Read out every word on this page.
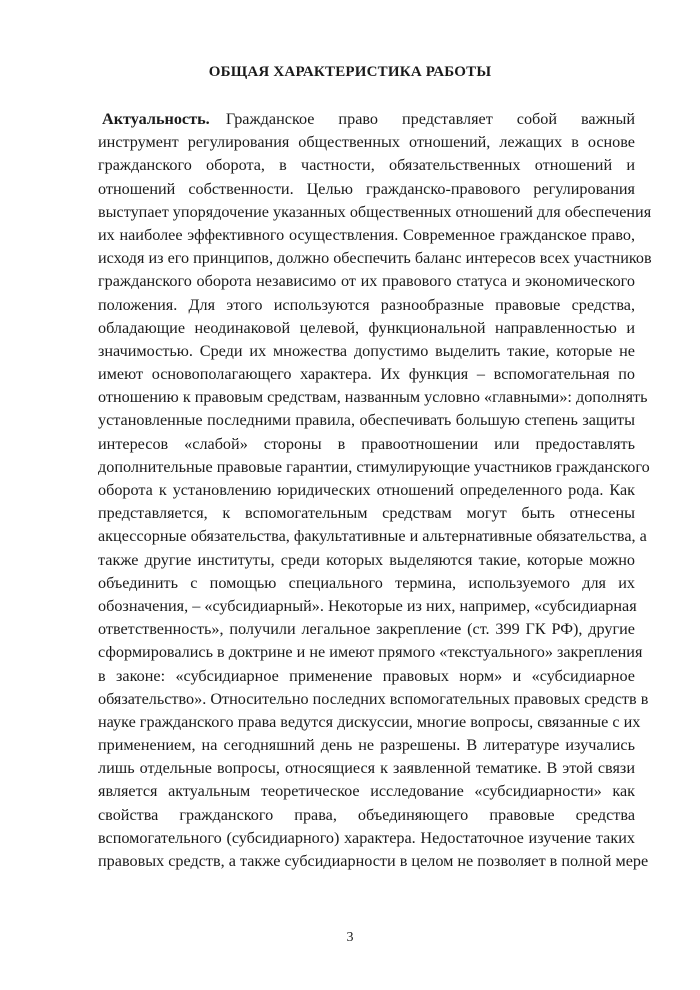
ОБЩАЯ ХАРАКТЕРИСТИКА РАБОТЫ
Актуальность.  Гражданское право представляет собой важный
инструмент регулирования общественных отношений, лежащих в основе
гражданского оборота, в частности, обязательственных отношений и
отношений собственности. Целью гражданско-правового регулирования
выступает упорядочение указанных общественных отношений для обеспечения
их наиболее эффективного осуществления. Современное гражданское право,
исходя из его принципов, должно обеспечить баланс интересов всех участников
гражданского оборота независимо от их правового статуса и экономического
положения. Для этого используются разнообразные правовые средства,
обладающие неодинаковой целевой, функциональной направленностью и
значимостью. Среди их множества допустимо выделить такие, которые не
имеют основополагающего характера. Их функция – вспомогательная по
отношению к правовым средствам, названным условно «главными»: дополнять
установленные последними правила, обеспечивать большую степень защиты
интересов «слабой» стороны в правоотношении или предоставлять
дополнительные правовые гарантии, стимулирующие участников гражданского
оборота к установлению юридических отношений определенного рода. Как
представляется, к вспомогательным средствам могут быть отнесены
акцессорные обязательства, факультативные и альтернативные обязательства, а
также другие институты, среди которых выделяются такие, которые можно
объединить с помощью специального термина, используемого для их
обозначения, – «субсидиарный». Некоторые из них, например, «субсидиарная
ответственность», получили легальное закрепление (ст. 399 ГК РФ), другие
сформировались в доктрине и не имеют прямого «текстуального» закрепления
в законе: «субсидиарное применение правовых норм» и «субсидиарное
обязательство». Относительно последних вспомогательных правовых средств в
науке гражданского права ведутся дискуссии, многие вопросы, связанные с их
применением, на сегодняшний день не разрешены. В литературе изучались
лишь отдельные вопросы, относящиеся к заявленной тематике. В этой связи
является актуальным теоретическое исследование «субсидиарности» как
свойства гражданского права, объединяющего правовые средства
вспомогательного (субсидиарного) характера. Недостаточное изучение таких
правовых средств, а также субсидиарности в целом не позволяет в полной мере
3
